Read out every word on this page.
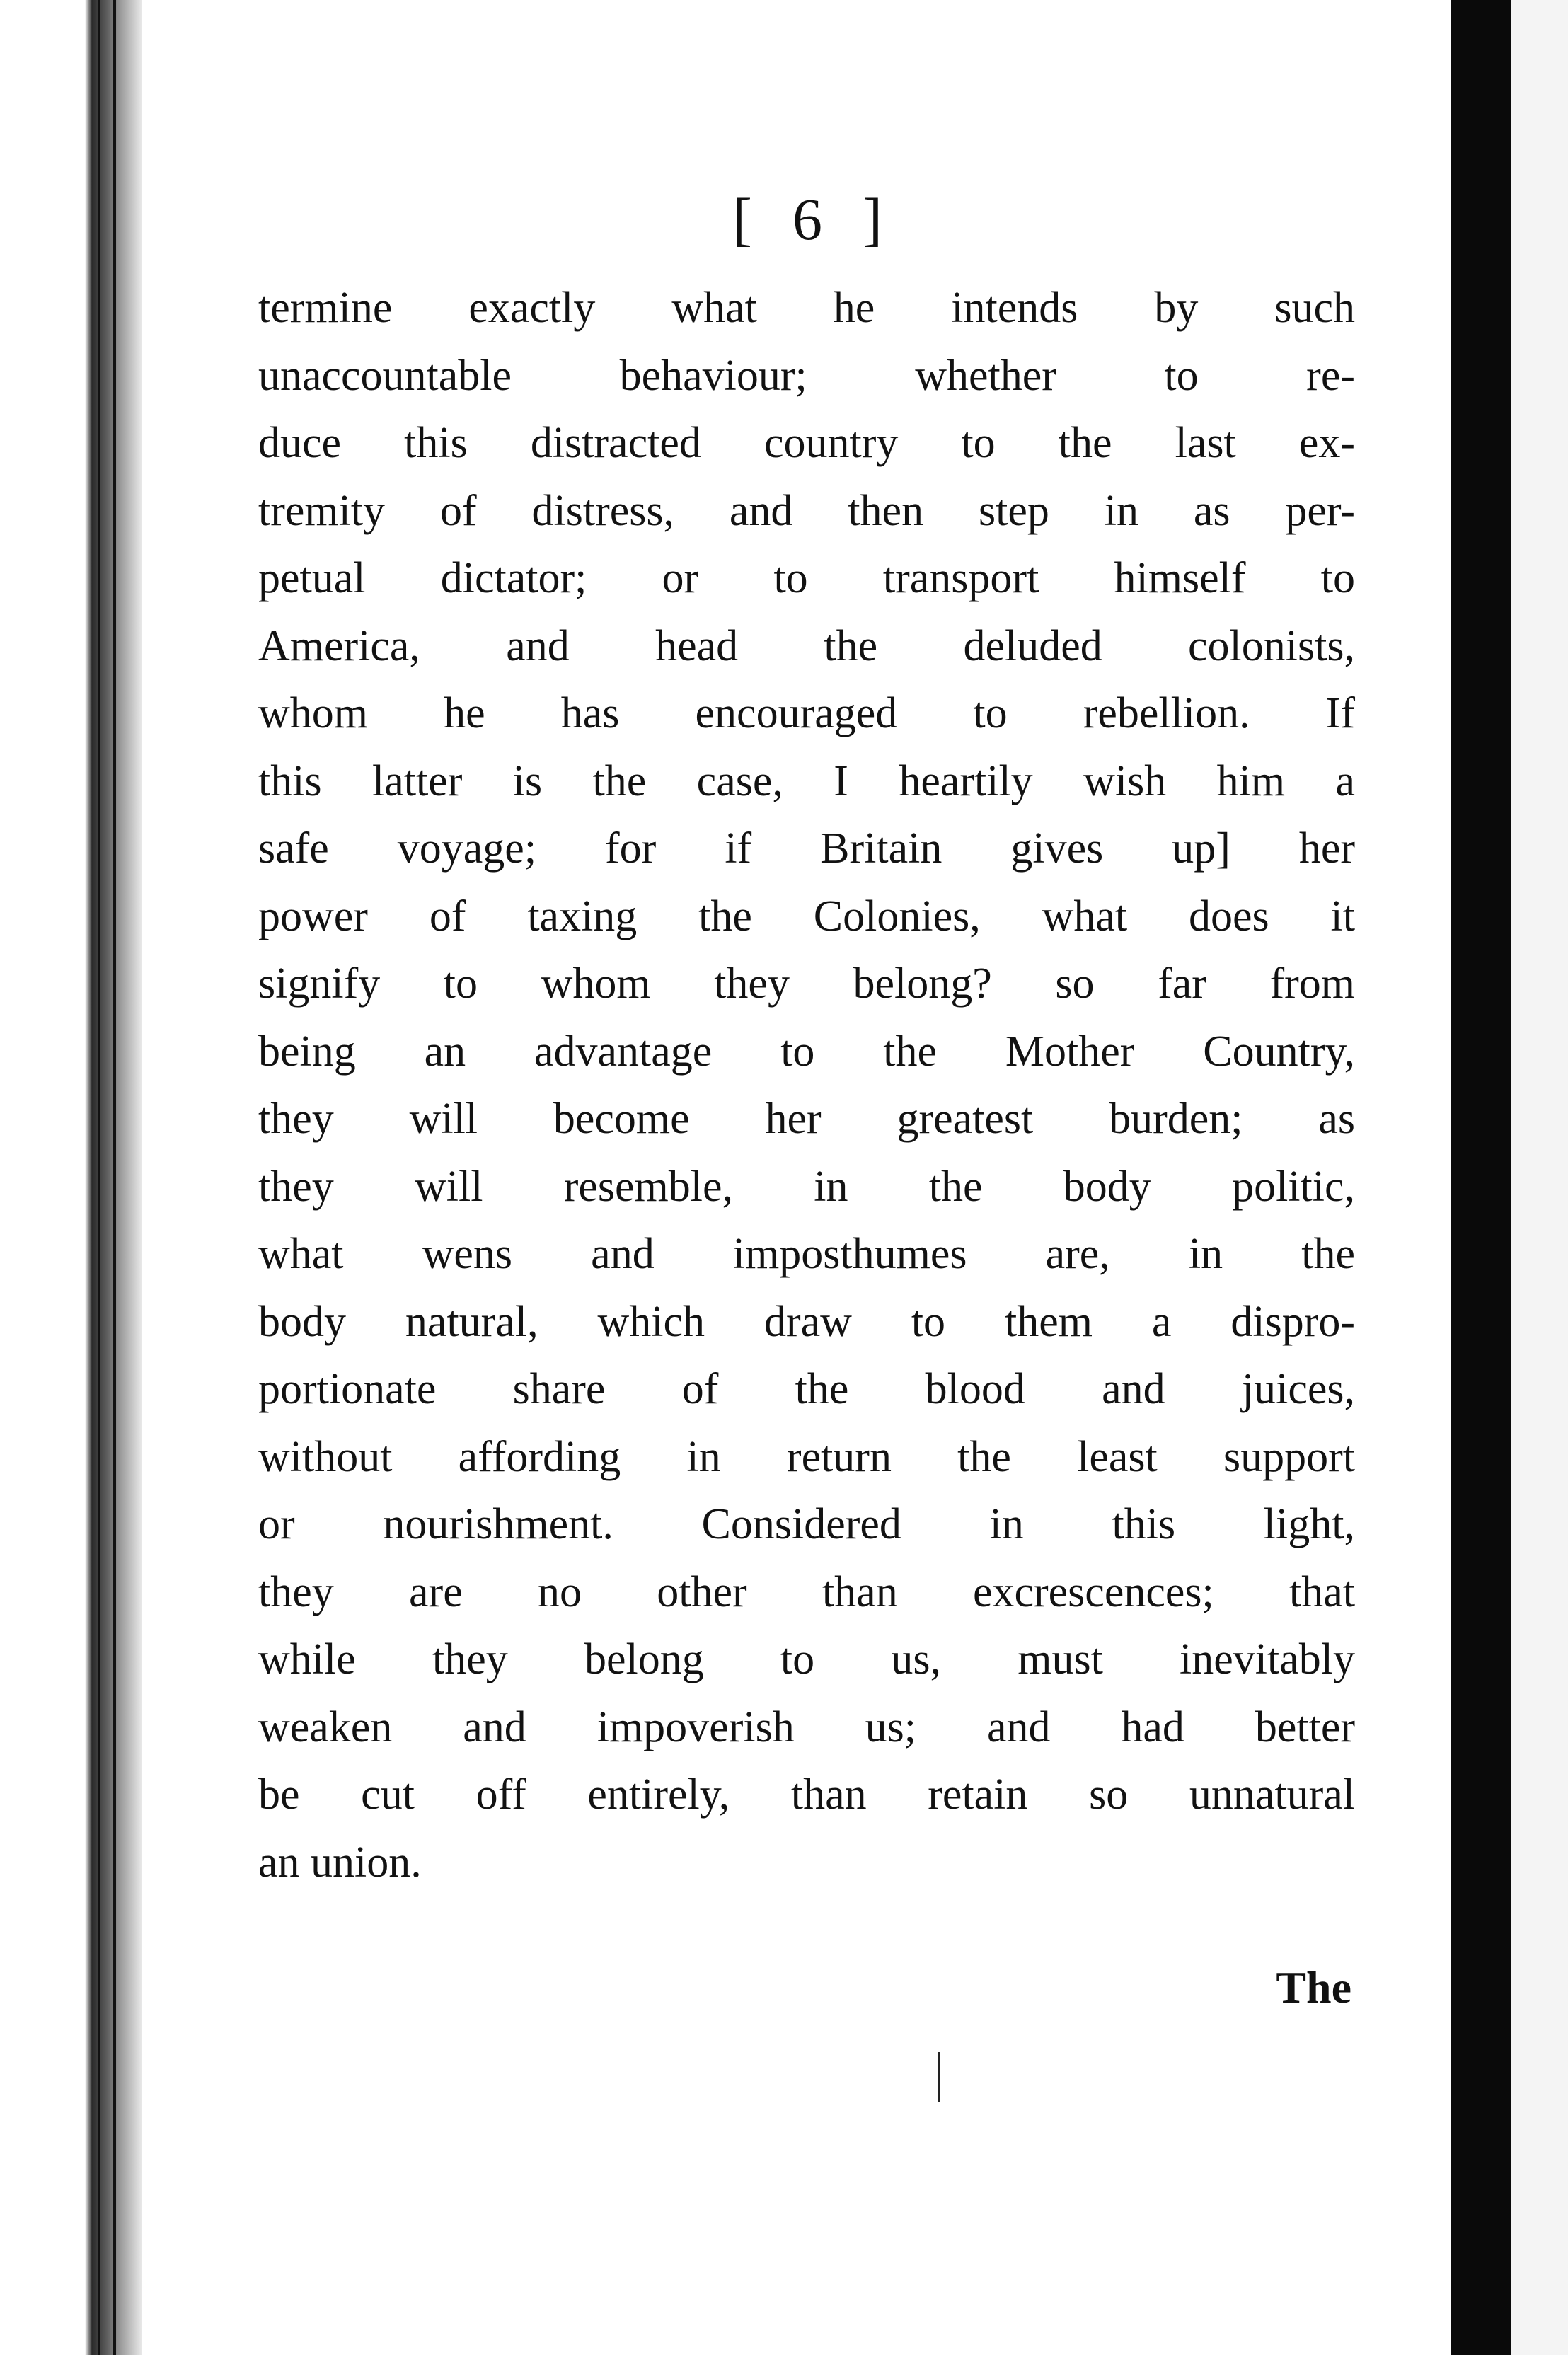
[ 6 ]
termine exactly what he intends by such
unaccountable behaviour; whether to re-
duce this distracted country to the last ex-
tremity of distress, and then step in as per-
petual dictator; or to transport himself to
America, and head the deluded colonists,
whom he has encouraged to rebellion. If
this latter is the case, I heartily wish him a
safe voyage; for if Britain gives up] her
power of taxing the Colonies, what does it
signify to whom they belong? so far from
being an advantage to the Mother Country,
they will become her greatest burden; as
they will resemble, in the body politic,
what wens and imposthumes are, in the
body natural, which draw to them a dispro-
portionate share of the blood and juices,
without affording in return the least support
or nourishment. Considered in this light,
they are no other than excrescences; that
while they belong to us, must inevitably
weaken and impoverish us; and had better
be cut off entirely, than retain so unnatural
an union.
The
